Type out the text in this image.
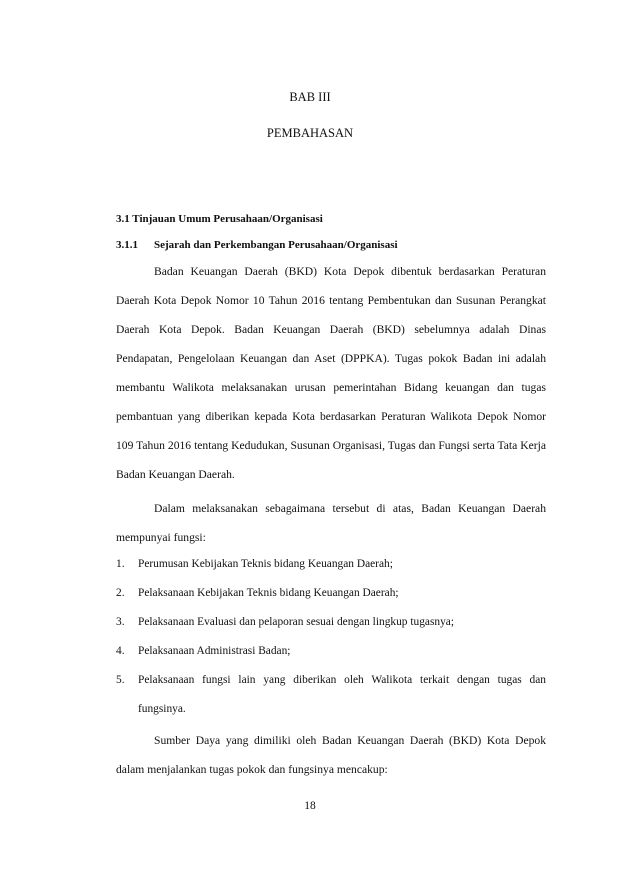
BAB III
PEMBAHASAN
3.1 Tinjauan Umum Perusahaan/Organisasi
3.1.1 Sejarah dan Perkembangan Perusahaan/Organisasi

Badan Keuangan Daerah (BKD) Kota Depok dibentuk berdasarkan Peraturan Daerah Kota Depok Nomor 10 Tahun 2016 tentang Pembentukan dan Susunan Perangkat Daerah Kota Depok. Badan Keuangan Daerah (BKD) sebelumnya adalah Dinas Pendapatan, Pengelolaan Keuangan dan Aset (DPPKA). Tugas pokok Badan ini adalah membantu Walikota melaksanakan urusan pemerintahan Bidang keuangan dan tugas pembantuan yang diberikan kepada Kota berdasarkan Peraturan Walikota Depok Nomor 109 Tahun 2016 tentang Kedudukan, Susunan Organisasi, Tugas dan Fungsi serta Tata Kerja Badan Keuangan Daerah.

Dalam melaksanakan sebagaimana tersebut di atas, Badan Keuangan Daerah mempunyai fungsi:

1. Perumusan Kebijakan Teknis bidang Keuangan Daerah;
2. Pelaksanaan Kebijakan Teknis bidang Keuangan Daerah;
3. Pelaksanaan Evaluasi dan pelaporan sesuai dengan lingkup tugasnya;
4. Pelaksanaan Administrasi Badan;
5. Pelaksanaan fungsi lain yang diberikan oleh Walikota terkait dengan tugas dan fungsinya.

Sumber Daya yang dimiliki oleh Badan Keuangan Daerah (BKD) Kota Depok dalam menjalankan tugas pokok dan fungsinya mencakup:

18
